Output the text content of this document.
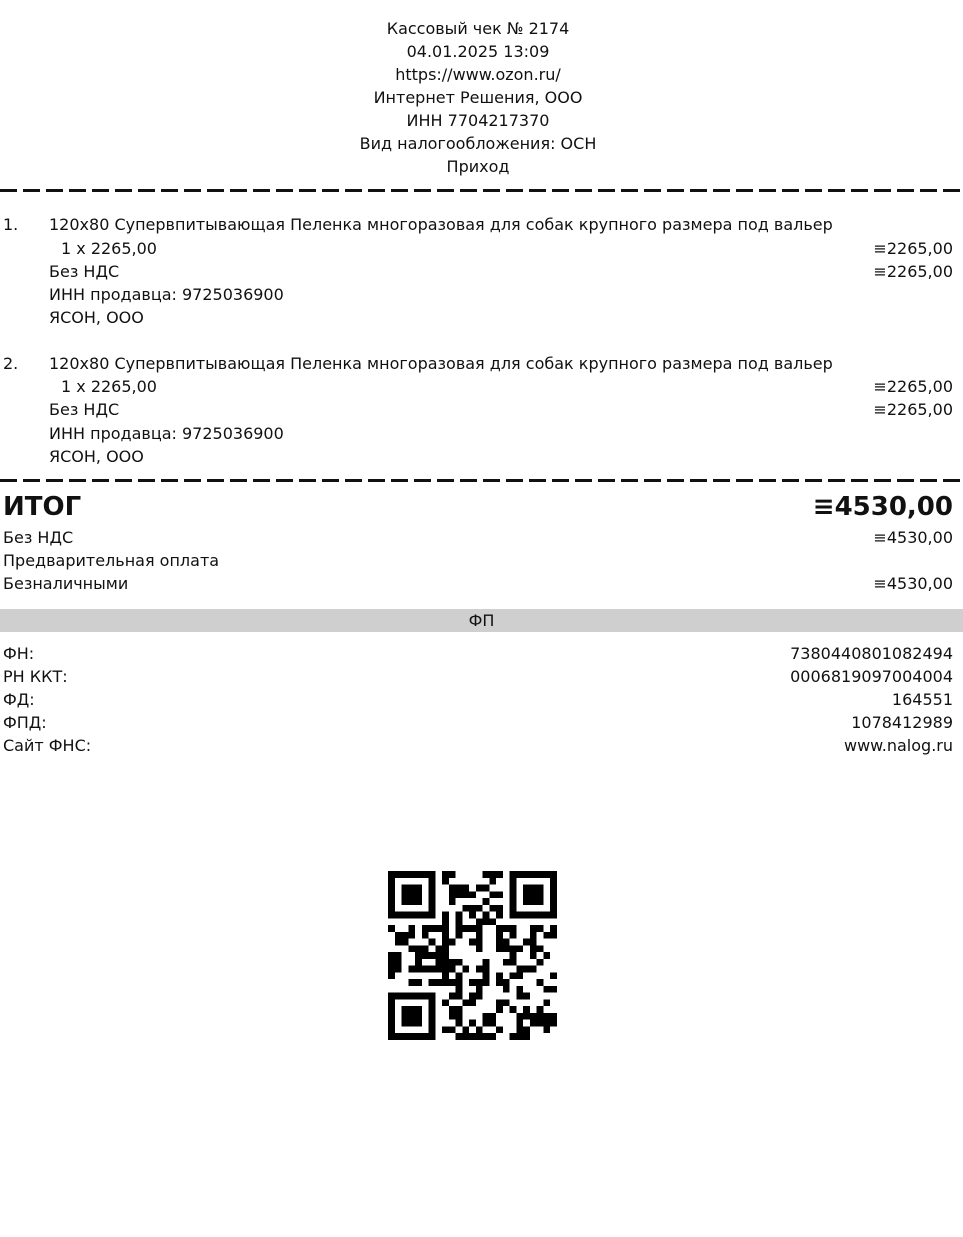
Кассовый чек № 2174
04.01.2025 13:09
https://www.ozon.ru/
Интернет Решения, ООО
ИНН 7704217370
Вид налогообложения: ОСН
Приход
1. 120x80 Супервпитывающая Пеленка многоразовая для собак крупного размера под вальер
1 x 2265,00	≡2265,00
Без НДС	≡2265,00
ИНН продавца: 9725036900
ЯСОН, ООО
2. 120x80 Супервпитывающая Пеленка многоразовая для собак крупного размера под вальер
1 x 2265,00	≡2265,00
Без НДС	≡2265,00
ИНН продавца: 9725036900
ЯСОН, ООО
ИТОГ	≡4530,00
Без НДС	≡4530,00
Предварительная оплата
Безналичными	≡4530,00
ФП
ФН:	7380440801082494
РН ККТ:	0006819097004004
ФД:	164551
ФПД:	1078412989
Сайт ФНС:	www.nalog.ru
